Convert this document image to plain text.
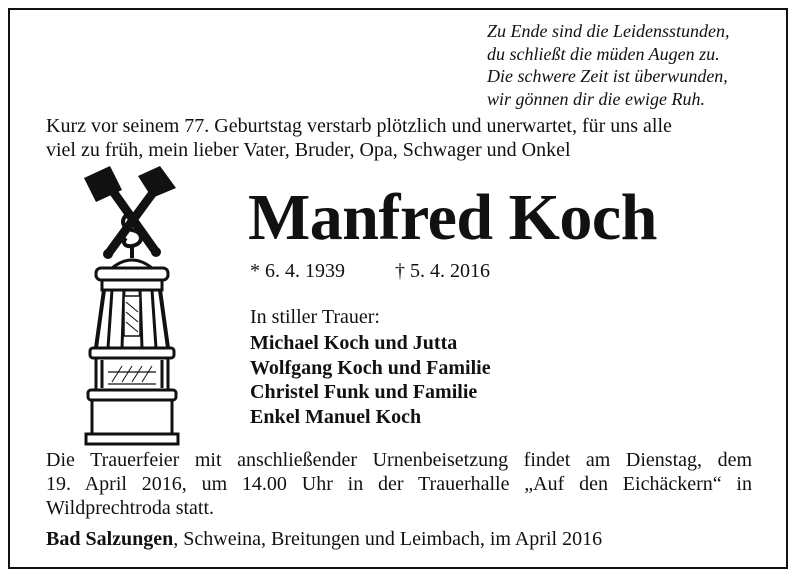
Zu Ende sind die Leidensstunden,
du schließt die müden Augen zu.
Die schwere Zeit ist überwunden,
wir gönnen dir die ewige Ruh.
Kurz vor seinem 77. Geburtstag verstarb plötzlich und unerwartet, für uns alle
viel zu früh, mein lieber Vater, Bruder, Opa, Schwager und Onkel
Manfred Koch
* 6. 4. 1939	† 5. 4. 2016
In stiller Trauer:
Michael Koch und Jutta
Wolfgang Koch und Familie
Christel Funk und Familie
Enkel Manuel Koch
Die Trauerfeier mit anschließender Urnenbeisetzung findet am Dienstag, dem
19. April 2016, um 14.00 Uhr in der Trauerhalle „Auf den Eichäckern“ in
Wildprechtroda statt.
Bad Salzungen, Schweina, Breitungen und Leimbach, im April 2016
